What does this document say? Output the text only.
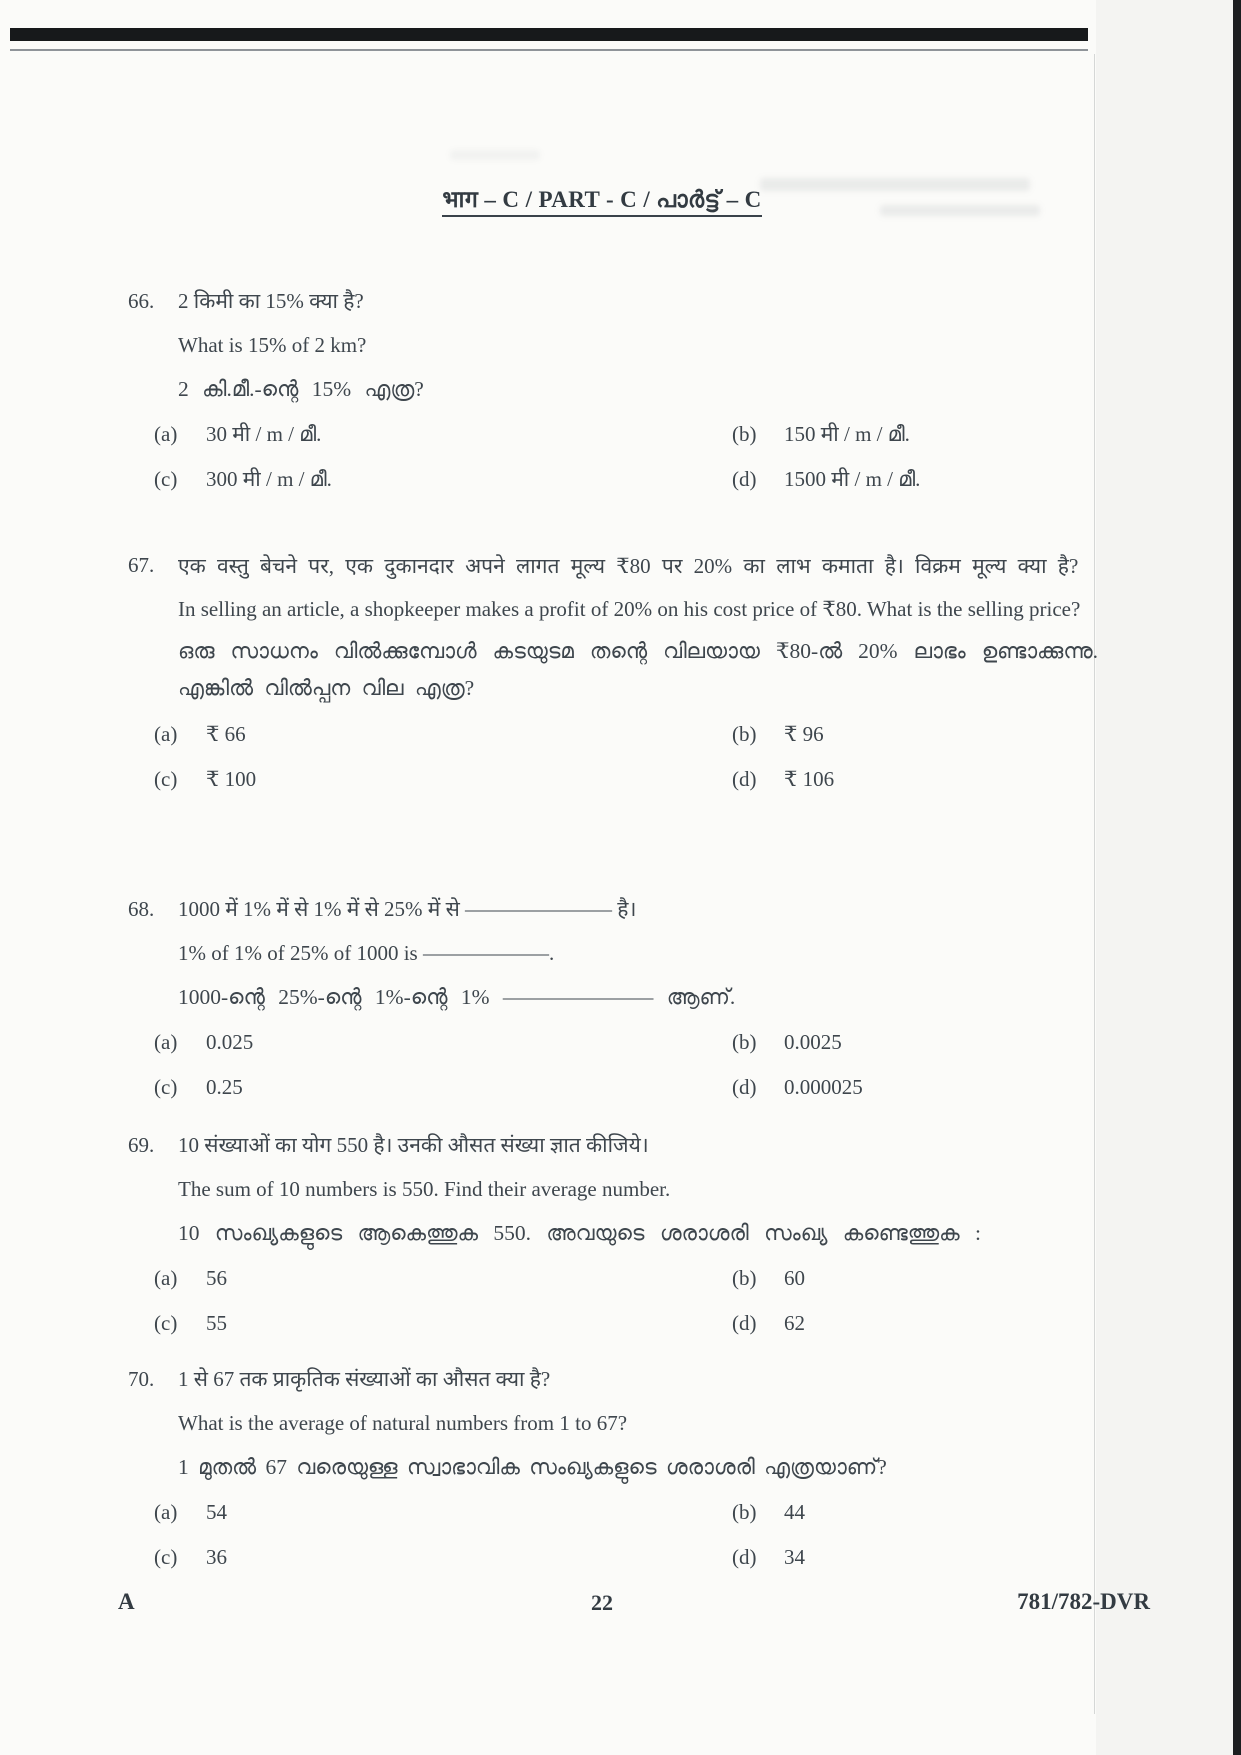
भाग – C / PART - C / പാർട്ട് – C
66.	2 किमी का 15% क्या है?

What is 15% of 2 km?

2 കി.മീ.-ന്റെ 15% എത്ര?

(a) 30 मी / m / മീ.	(b) 150 मी / m / മീ.
(c) 300 मी / m / മീ.	(d) 1500 मी / m / മീ.
67.	एक वस्तु बेचने पर, एक दुकानदार अपने लागत मूल्य ₹80 पर 20% का लाभ कमाता है। विक्रम मूल्य क्या है?

In selling an article, a shopkeeper makes a profit of 20% on his cost price of ₹80. What is the selling price?

ഒരു സാധനം വിൽക്കുമ്പോൾ കടയുടമ തന്റെ വിലയായ ₹80-ൽ 20% ലാഭം ഉണ്ടാക്കുന്നു. എങ്കിൽ വിൽപ്പന വില എത്ര?

(a) ₹ 66	(b) ₹ 96
(c) ₹ 100	(d) ₹ 106
68.	1000 में 1% में से 1% में से 25% में से ——————— है।

1% of 1% of 25% of 1000 is ——————.

1000-ന്റെ 25%-ന്റെ 1%-ന്റെ 1% ——————— ആണ്.

(a) 0.025	(b) 0.0025
(c) 0.25	(d) 0.000025
69.	10 संख्याओं का योग 550 है। उनकी औसत संख्या ज्ञात कीजिये।

The sum of 10 numbers is 550. Find their average number.

10 സംഖ്യകളുടെ ആകെത്തുക 550. അവയുടെ ശരാശരി സംഖ്യ കണ്ടെത്തുക :

(a) 56	(b) 60
(c) 55	(d) 62
70.	1 से 67 तक प्राकृतिक संख्याओं का औसत क्या है?

What is the average of natural numbers from 1 to 67?

1 മുതൽ 67 വരെയുള്ള സ്വാഭാവിക സംഖ്യകളുടെ ശരാശരി എത്രയാണ്?

(a) 54	(b) 44
(c) 36	(d) 34
A	22	781/782-DVR
